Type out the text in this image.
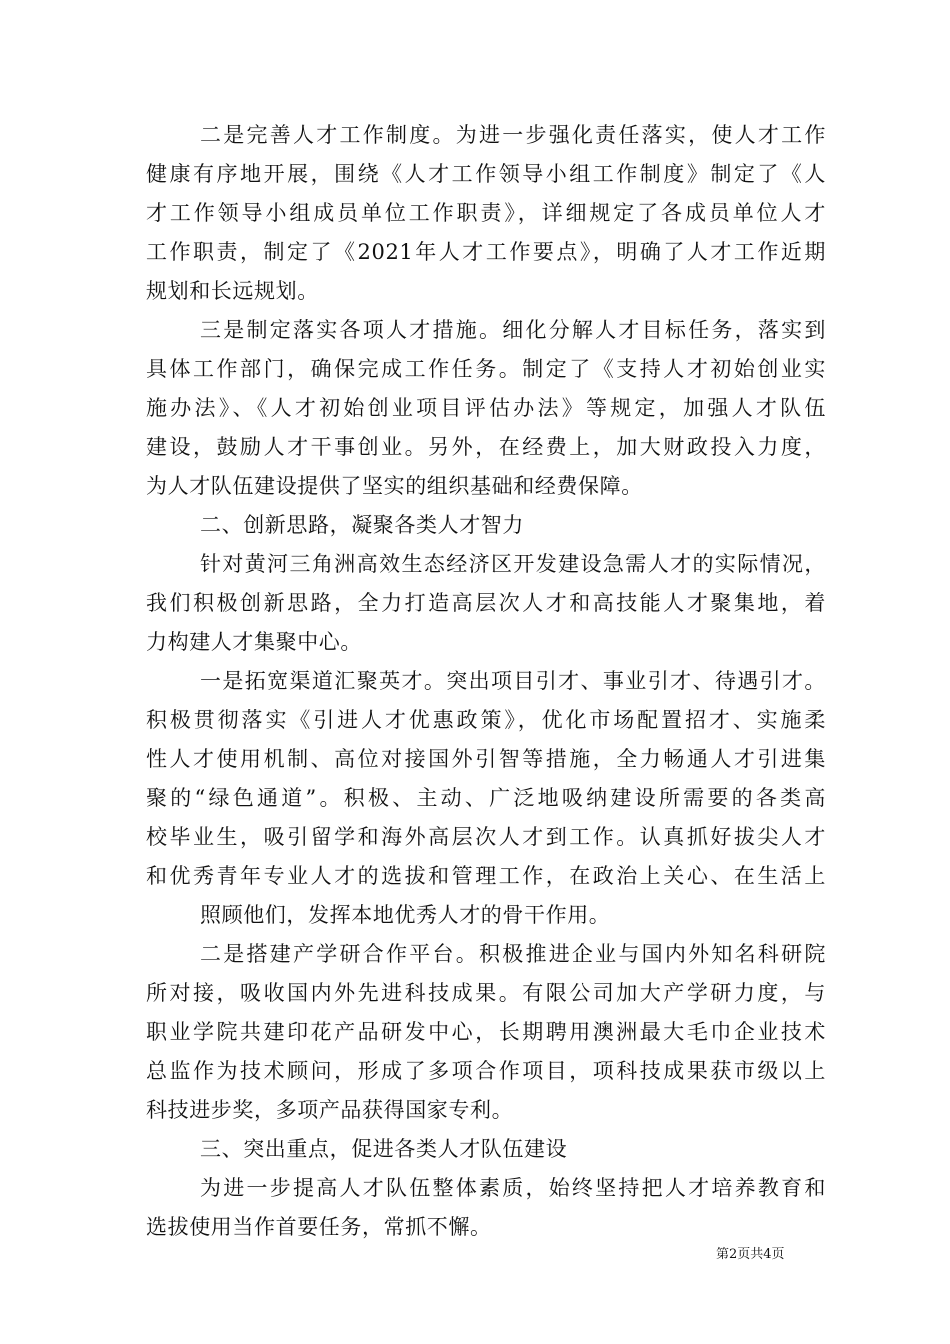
二是完善人才工作制度。为进一步强化责任落实，使人才工作
健康有序地开展，围绕《人才工作领导小组工作制度》制定了《人
才工作领导小组成员单位工作职责》，详细规定了各成员单位人才
工作职责，制定了《2021年人才工作要点》，明确了人才工作近期
规划和长远规划。
三是制定落实各项人才措施。细化分解人才目标任务，落实到
具体工作部门，确保完成工作任务。制定了《支持人才初始创业实
施办法》、《人才初始创业项目评估办法》等规定，加强人才队伍
建设，鼓励人才干事创业。另外，在经费上，加大财政投入力度，
为人才队伍建设提供了坚实的组织基础和经费保障。
二、创新思路，凝聚各类人才智力
针对黄河三角洲高效生态经济区开发建设急需人才的实际情况，
我们积极创新思路，全力打造高层次人才和高技能人才聚集地，着
力构建人才集聚中心。
一是拓宽渠道汇聚英才。突出项目引才、事业引才、待遇引才。
积极贯彻落实《引进人才优惠政策》，优化市场配置招才、实施柔
性人才使用机制、高位对接国外引智等措施，全力畅通人才引进集
聚的“绿色通道”。积极、主动、广泛地吸纳建设所需要的各类高
校毕业生，吸引留学和海外高层次人才到工作。认真抓好拔尖人才
和优秀青年专业人才的选拔和管理工作，在政治上关心、在生活上
照顾他们，发挥本地优秀人才的骨干作用。
二是搭建产学研合作平台。积极推进企业与国内外知名科研院
所对接，吸收国内外先进科技成果。有限公司加大产学研力度，与
职业学院共建印花产品研发中心，长期聘用澳洲最大毛巾企业技术
总监作为技术顾问，形成了多项合作项目，项科技成果获市级以上
科技进步奖，多项产品获得国家专利。
三、突出重点，促进各类人才队伍建设
为进一步提高人才队伍整体素质，始终坚持把人才培养教育和
选拔使用当作首要任务，常抓不懈。
第2页共4页
